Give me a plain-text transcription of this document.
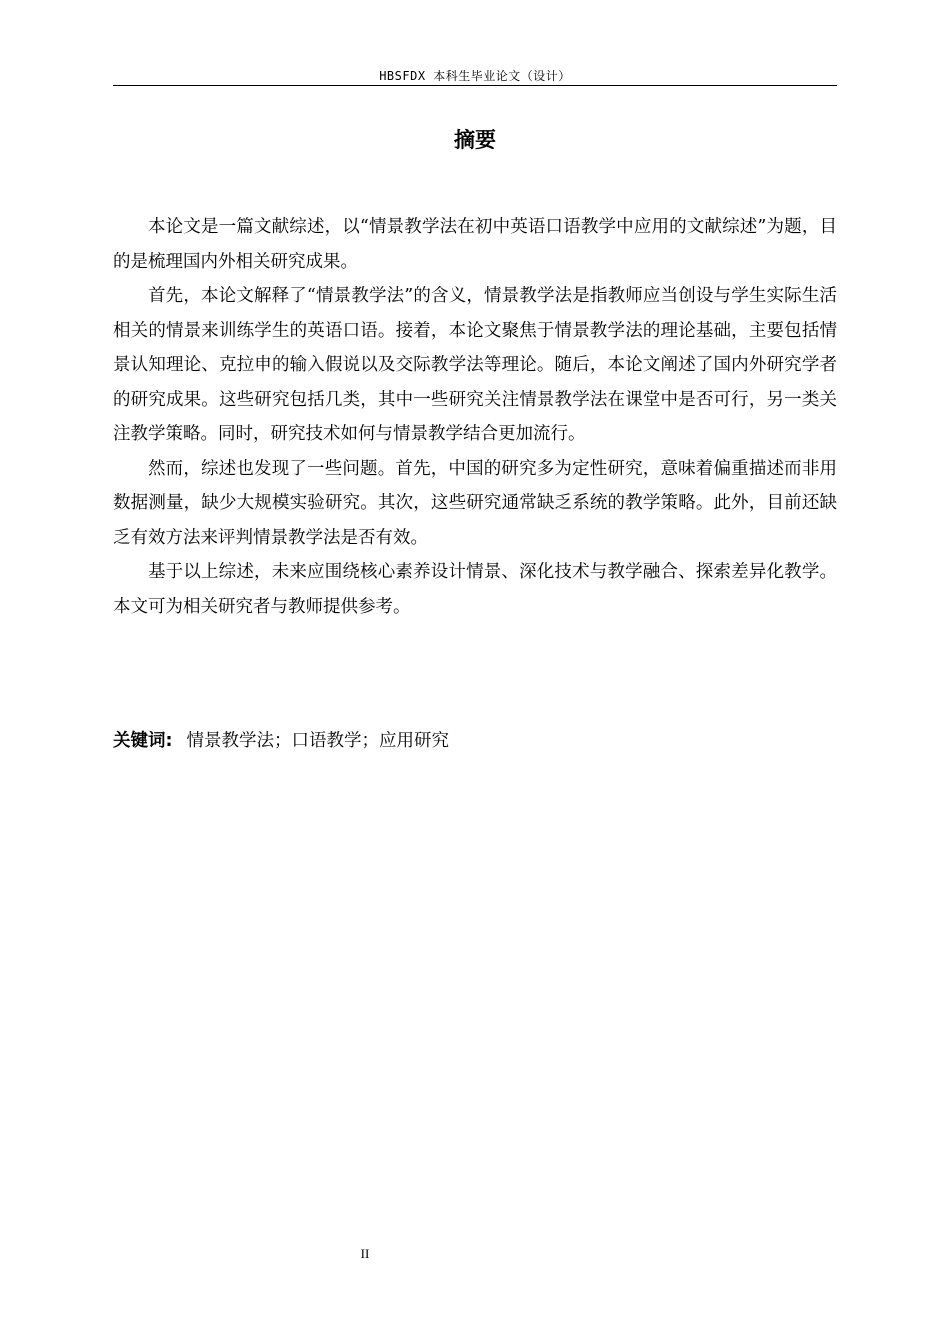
HBSFDX 本科生毕业论文（设计）
摘要

本论文是一篇文献综述，以“情景教学法在初中英语口语教学中应用的文献综述”为题，目的是梳理国内外相关研究成果。

首先，本论文解释了“情景教学法”的含义，情景教学法是指教师应当创设与学生实际生活相关的情景来训练学生的英语口语。接着，本论文聚焦于情景教学法的理论基础，主要包括情景认知理论、克拉申的输入假说以及交际教学法等理论。随后，本论文阐述了国内外研究学者的研究成果。这些研究包括几类，其中一些研究关注情景教学法在课堂中是否可行，另一类关注教学策略。同时，研究技术如何与情景教学结合更加流行。

然而，综述也发现了一些问题。首先，中国的研究多为定性研究，意味着偏重描述而非用数据测量，缺少大规模实验研究。其次，这些研究通常缺乏系统的教学策略。此外，目前还缺乏有效方法来评判情景教学法是否有效。

基于以上综述，未来应围绕核心素养设计情景、深化技术与教学融合、探索差异化教学。本文可为相关研究者与教师提供参考。

关键词: 情景教学法；口语教学；应用研究
II
